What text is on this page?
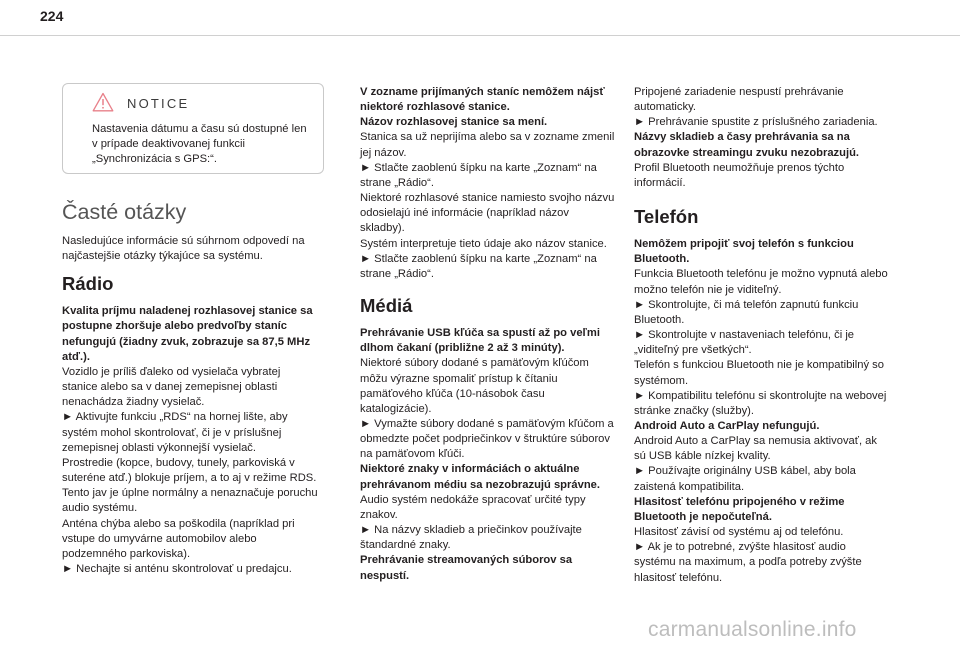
224
NOTICE

Nastavenia dátumu a času sú dostupné len v prípade deaktivovanej funkcii „Synchronizácia s GPS:“.

Časté otázky

Nasledujúce informácie sú súhrnom odpovedí na najčastejšie otázky týkajúce sa systému.

Rádio

Kvalita príjmu naladenej rozhlasovej stanice sa postupne zhoršuje alebo predvoľby staníc nefungujú (žiadny zvuk, zobrazuje sa 87,5 MHz atď.).

Vozidlo je príliš ďaleko od vysielača vybratej stanice alebo sa v danej zemepisnej oblasti nenachádza žiadny vysielač.

► Aktivujte funkciu „RDS“ na hornej lište, aby systém mohol skontrolovať, či je v príslušnej zemepisnej oblasti výkonnejší vysielač.

Prostredie (kopce, budovy, tunely, parkoviská v suteréne atď.) blokuje príjem, a to aj v režime RDS.

Tento jav je úplne normálny a nenaznačuje poruchu audio systému.

Anténa chýba alebo sa poškodila (napríklad pri vstupe do umyvárne automobilov alebo podzemného parkoviska).

► Nechajte si anténu skontrolovať u predajcu.

V zozname prijímaných staníc nemôžem nájsť niektoré rozhlasové stanice.

Názov rozhlasovej stanice sa mení.

Stanica sa už neprijíma alebo sa v zozname zmenil jej názov.

► Stlačte zaoblenú šípku na karte „Zoznam“ na strane „Rádio“.

Niektoré rozhlasové stanice namiesto svojho názvu odosielajú iné informácie (napríklad názov skladby).

Systém interpretuje tieto údaje ako názov stanice.

► Stlačte zaoblenú šípku na karte „Zoznam“ na strane „Rádio“.

Médiá

Prehrávanie USB kľúča sa spustí až po veľmi dlhom čakaní (približne 2 až 3 minúty).

Niektoré súbory dodané s pamäťovým kľúčom môžu výrazne spomaliť prístup k čítaniu pamäťového kľúča (10-násobok času katalogizácie).

► Vymažte súbory dodané s pamäťovým kľúčom a obmedzte počet podpriečinkov v štruktúre súborov na pamäťovom kľúči.

Niektoré znaky v informáciách o aktuálne prehrávanom médiu sa nezobrazujú správne.

Audio systém nedokáže spracovať určité typy znakov.

► Na názvy skladieb a priečinkov používajte štandardné znaky.

Prehrávanie streamovaných súborov sa nespustí.

Pripojené zariadenie nespustí prehrávanie automaticky.

► Prehrávanie spustite z príslušného zariadenia.

Názvy skladieb a časy prehrávania sa na obrazovke streamingu zvuku nezobrazujú.

Profil Bluetooth neumožňuje prenos týchto informácií.

Telefón

Nemôžem pripojiť svoj telefón s funkciou Bluetooth.

Funkcia Bluetooth telefónu je možno vypnutá alebo možno telefón nie je viditeľný.

► Skontrolujte, či má telefón zapnutú funkciu Bluetooth.

► Skontrolujte v nastaveniach telefónu, či je „viditeľný pre všetkých“.

Telefón s funkciou Bluetooth nie je kompatibilný so systémom.

► Kompatibilitu telefónu si skontrolujte na webovej stránke značky (služby).

Android Auto a CarPlay nefungujú.

Android Auto a CarPlay sa nemusia aktivovať, ak sú USB káble nízkej kvality.

► Používajte originálny USB kábel, aby bola zaistená kompatibilita.

Hlasitosť telefónu pripojeného v režime Bluetooth je nepočuteľná.

Hlasitosť závisí od systému aj od telefónu.

► Ak je to potrebné, zvýšte hlasitosť audio systému na maximum, a podľa potreby zvýšte hlasitosť telefónu.

carmanualsonline.info
